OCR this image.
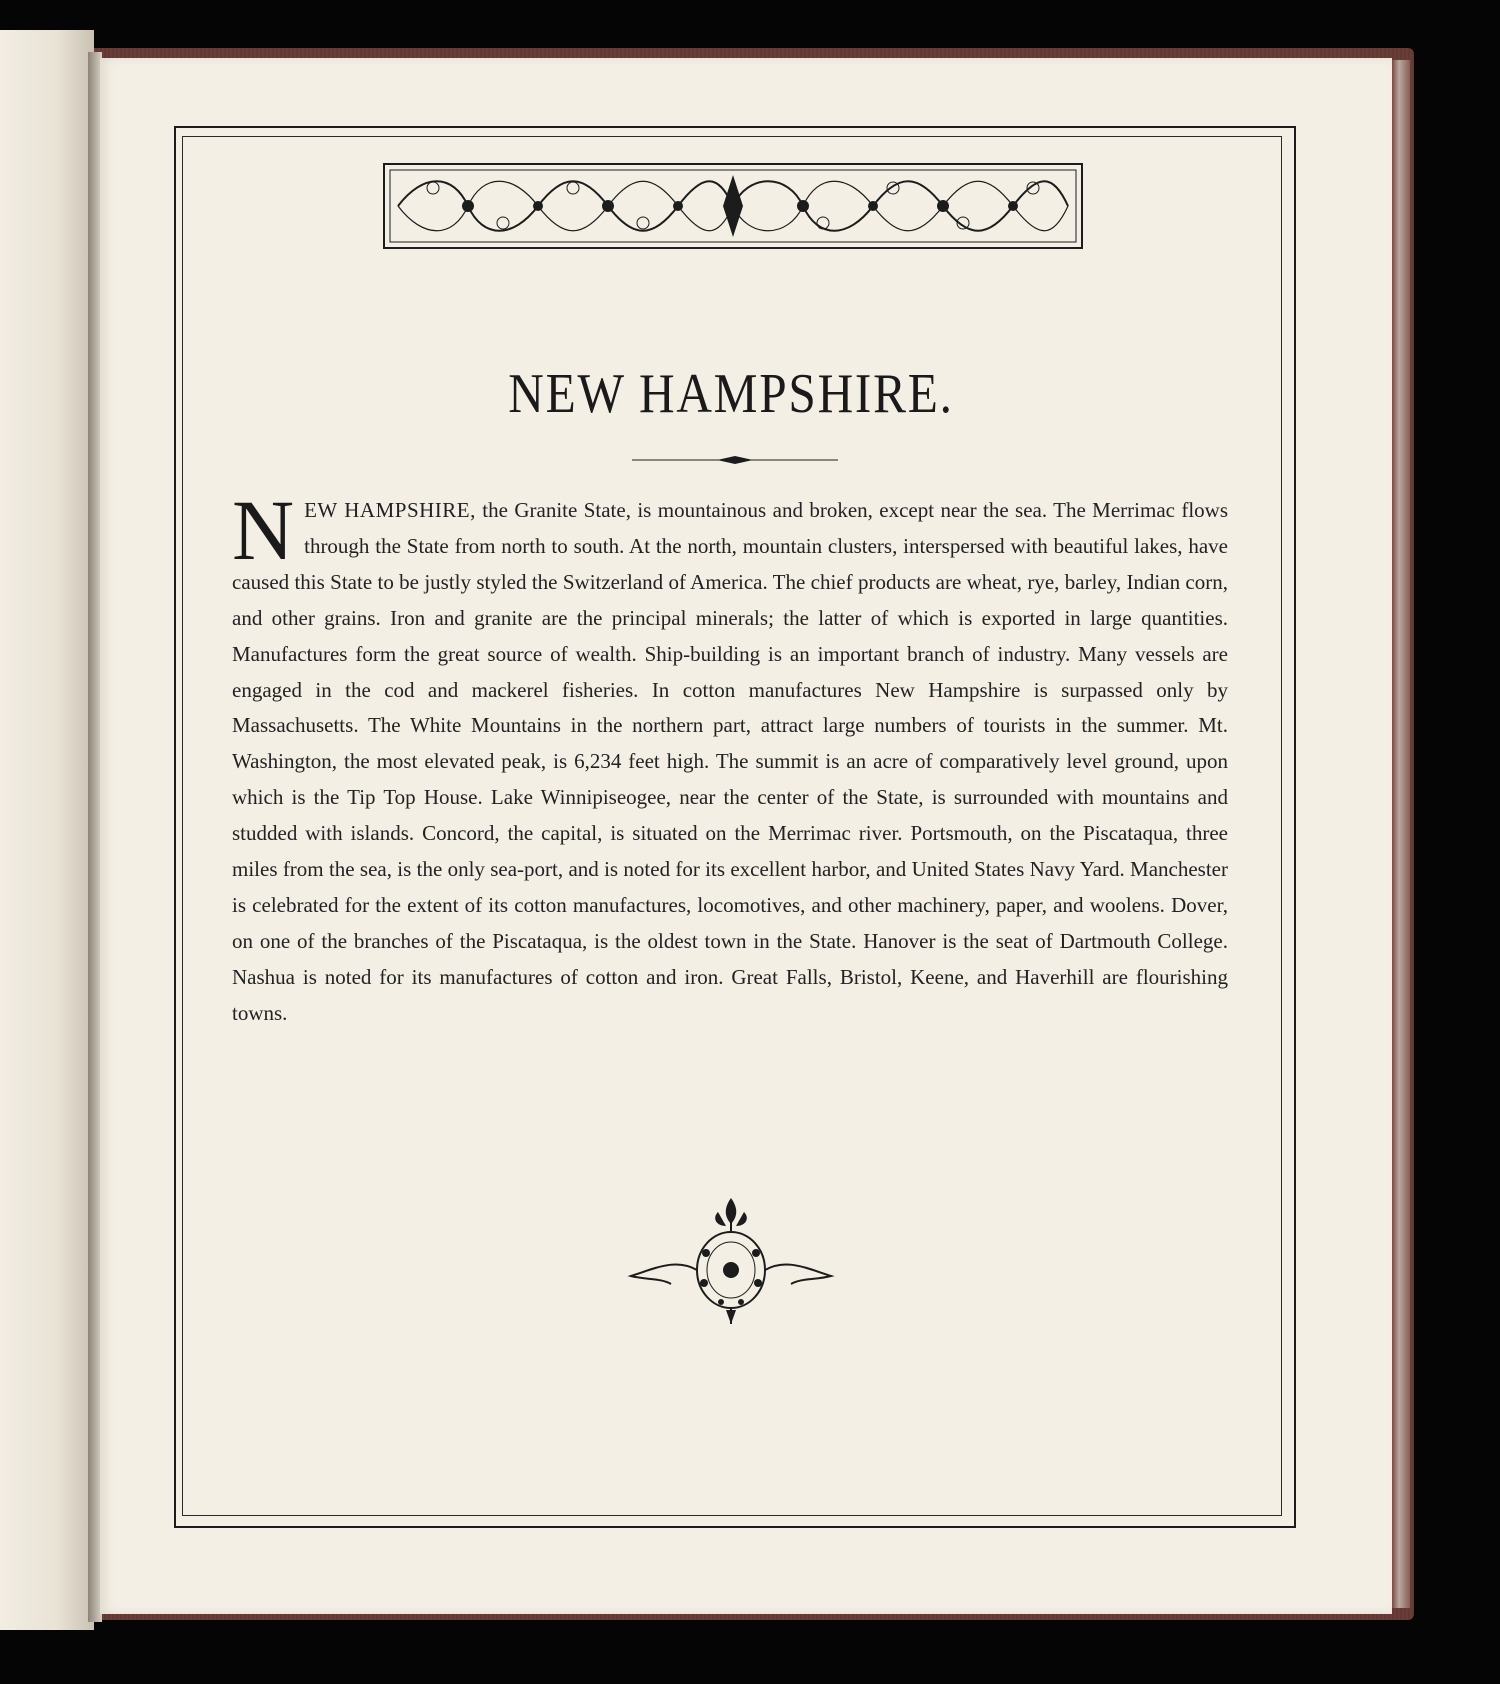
NEW HAMPSHIRE.
NEW HAMPSHIRE, the Granite State, is mountainous and broken, except near the sea. The Merrimac flows through the State from north to south. At the north, mountain clusters, interspersed with beautiful lakes, have caused this State to be justly styled the Switzerland of America. The chief products are wheat, rye, barley, Indian corn, and other grains. Iron and granite are the principal minerals; the latter of which is exported in large quantities. Manufactures form the great source of wealth. Ship-building is an important branch of industry. Many vessels are engaged in the cod and mackerel fisheries. In cotton manufactures New Hampshire is surpassed only by Massachusetts. The White Mountains in the northern part, attract large numbers of tourists in the summer. Mt. Washington, the most elevated peak, is 6,234 feet high. The summit is an acre of comparatively level ground, upon which is the Tip Top House. Lake Winnipiseogee, near the center of the State, is surrounded with mountains and studded with islands. Concord, the capital, is situated on the Merrimac river. Portsmouth, on the Piscataqua, three miles from the sea, is the only sea-port, and is noted for its excellent harbor, and United States Navy Yard. Manchester is celebrated for the extent of its cotton manufactures, locomotives, and other machinery, paper, and woolens. Dover, on one of the branches of the Piscataqua, is the oldest town in the State. Hanover is the seat of Dartmouth College. Nashua is noted for its manufactures of cotton and iron. Great Falls, Bristol, Keene, and Haverhill are flourishing towns.
